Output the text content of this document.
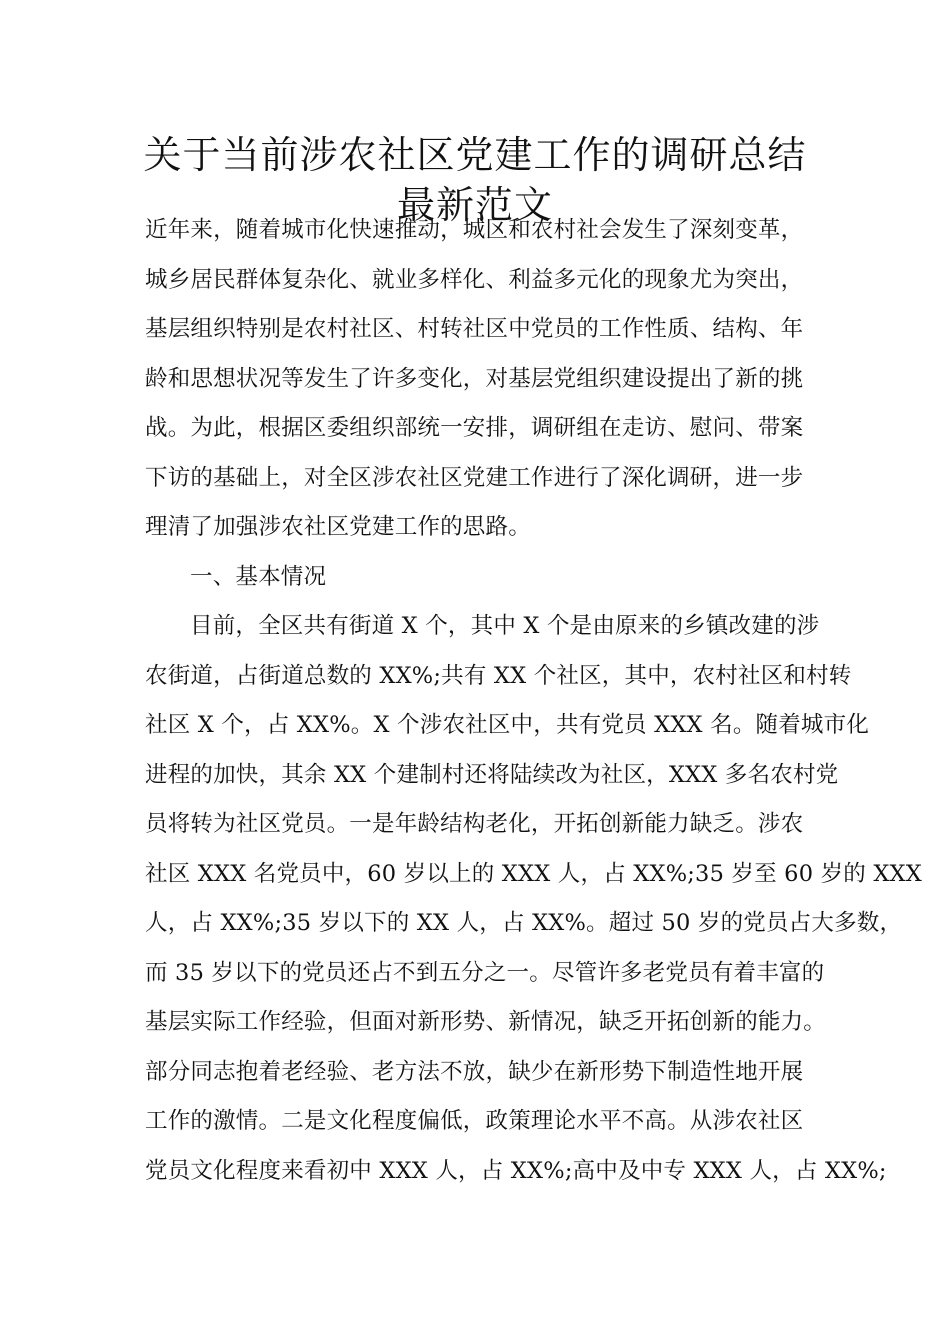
关于当前涉农社区党建工作的调研总结
最新范文
近年来，随着城市化快速推动，城区和农村社会发生了深刻变革，
城乡居民群体复杂化、就业多样化、利益多元化的现象尤为突出，
基层组织特别是农村社区、村转社区中党员的工作性质、结构、年
龄和思想状况等发生了许多变化，对基层党组织建设提出了新的挑
战。为此，根据区委组织部统一安排，调研组在走访、慰问、带案
下访的基础上，对全区涉农社区党建工作进行了深化调研，进一步
理清了加强涉农社区党建工作的思路。
一、基本情况
目前，全区共有街道 X 个，其中 X 个是由原来的乡镇改建的涉
农街道，占街道总数的 XX%;共有 XX 个社区，其中，农村社区和村转
社区 X 个，占 XX%。X 个涉农社区中，共有党员 XXX 名。随着城市化
进程的加快，其余 XX 个建制村还将陆续改为社区，XXX 多名农村党
员将转为社区党员。一是年龄结构老化，开拓创新能力缺乏。涉农
社区 XXX 名党员中，60 岁以上的 XXX 人，占 XX%;35 岁至 60 岁的 XXX
人，占 XX%;35 岁以下的 XX 人，占 XX%。超过 50 岁的党员占大多数，
而 35 岁以下的党员还占不到五分之一。尽管许多老党员有着丰富的
基层实际工作经验，但面对新形势、新情况，缺乏开拓创新的能力。
部分同志抱着老经验、老方法不放，缺少在新形势下制造性地开展
工作的激情。二是文化程度偏低，政策理论水平不高。从涉农社区
党员文化程度来看初中 XXX 人，占 XX%;高中及中专 XXX 人，占 XX%;
